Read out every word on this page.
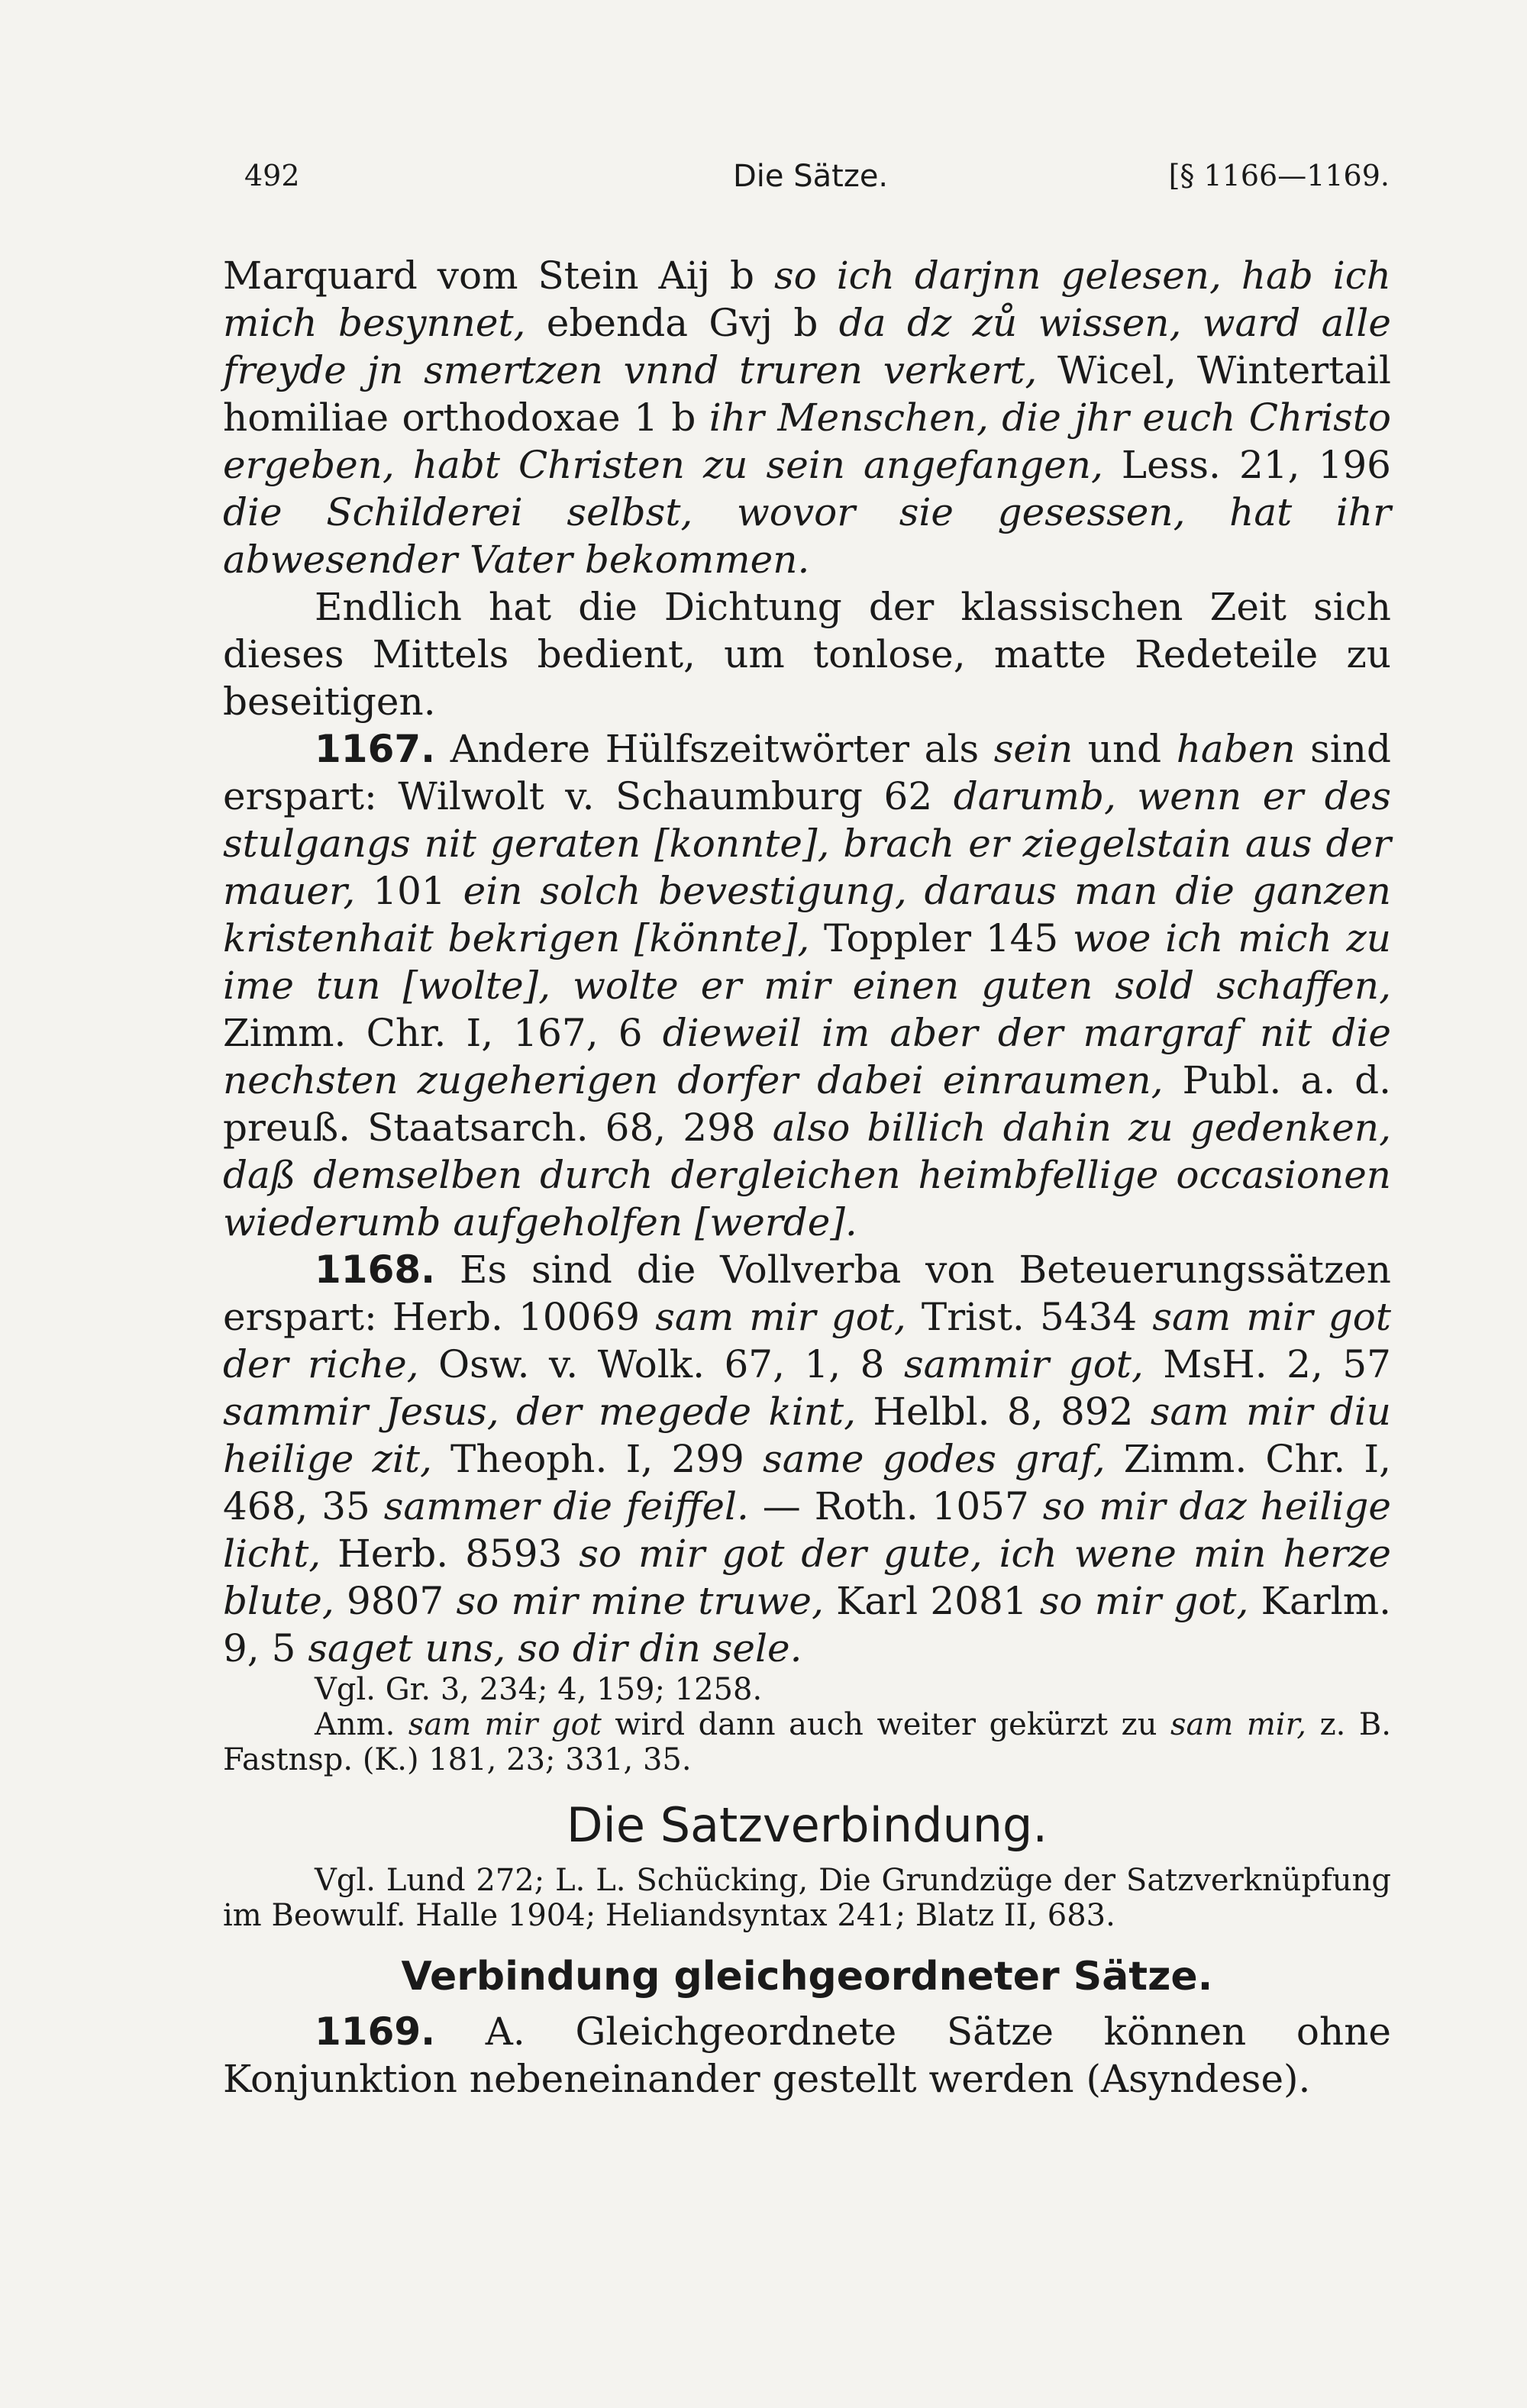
492	Die Sätze.	[§ 1166—1169.

Marquard vom Stein Aij b so ich darjnn gelesen, hab ich mich besynnet, ebenda Gvj b da dz zů wissen, ward alle freyde jn smertzen vnnd truren verkert, Wicel, Wintertail homiliae orthodoxae 1 b ihr Menschen, die jhr euch Christo ergeben, habt Christen zu sein angefangen, Less. 21, 196 die Schilderei selbst, wovor sie gesessen, hat ihr abwesender Vater bekommen.

Endlich hat die Dichtung der klassischen Zeit sich dieses Mittels bedient, um tonlose, matte Redeteile zu beseitigen.

1167. Andere Hülfszeitwörter als sein und haben sind erspart: Wilwolt v. Schaumburg 62 darumb, wenn er des stulgangs nit geraten [konnte], brach er ziegelstain aus der mauer, 101 ein solch bevestigung, daraus man die ganzen kristenhait bekrigen [könnte], Toppler 145 woe ich mich zu ime tun [wolte], wolte er mir einen guten sold schaffen, Zimm. Chr. I, 167, 6 dieweil im aber der margraf nit die nechsten zugeherigen dorfer dabei einraumen, Publ. a. d. preuß. Staatsarch. 68, 298 also billich dahin zu gedenken, daß demselben durch dergleichen heimbfellige occasionen wiederumb aufgeholfen [werde].

1168. Es sind die Vollverba von Beteuerungssätzen erspart: Herb. 10069 sam mir got, Trist. 5434 sam mir got der riche, Osw. v. Wolk. 67, 1, 8 sammir got, MsH. 2, 57 sammir Jesus, der megede kint, Helbl. 8, 892 sam mir diu heilige zit, Theoph. I, 299 same godes graf, Zimm. Chr. I, 468, 35 sammer die feiffel. — Roth. 1057 so mir daz heilige licht, Herb. 8593 so mir got der gute, ich wene min herze blute, 9807 so mir mine truwe, Karl 2081 so mir got, Karlm. 9, 5 saget uns, so dir din sele.

Vgl. Gr. 3, 234; 4, 159; 1258.

Anm. sam mir got wird dann auch weiter gekürzt zu sam mir, z. B. Fastnsp. (K.) 181, 23; 331, 35.

Die Satzverbindung.

Vgl. Lund 272; L. L. Schücking, Die Grundzüge der Satzverknüpfung im Beowulf. Halle 1904; Heliandsyntax 241; Blatz II, 683.

Verbindung gleichgeordneter Sätze.

1169. A. Gleichgeordnete Sätze können ohne Konjunktion nebeneinander gestellt werden (Asyndese).
